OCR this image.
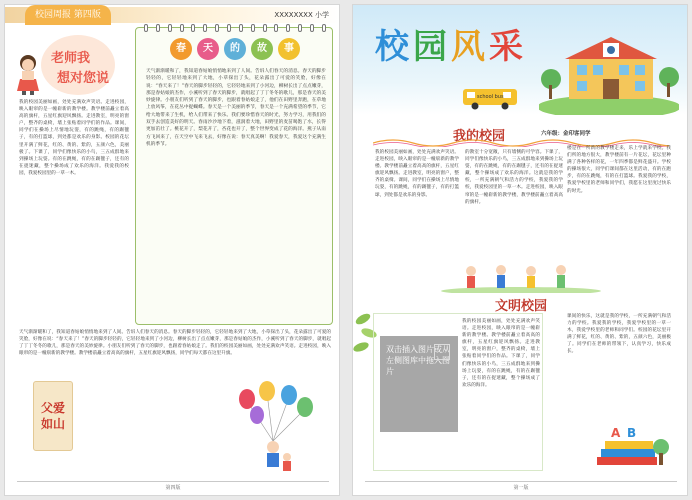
校园周报 第四版	XXXXXXXX 小学
老师我
想对您说
我的校园美丽如画，处处充满欢声笑语。走进校园，映入眼帘的是一幢崭新的教学楼。教学楼前矗立着高高的旗杆，五星红旗迎风飘扬。走进教室，明亮的窗户，整齐的桌椅，墙上张贴着同学们的作品。课间，同学们在操场上尽情地玩耍，有的跳绳，有的踢毽子，有的打篮球，到处都是欢乐的身影。校园的花坛里开满了鲜花，红的、黄的、紫的，五颜六色，美丽极了。下课了，同学们像快乐的小鸟，三五成群地来到操场上玩耍。有的在跳绳，有的在踢毽子，还有的在捉迷藏，整个操场成了欢乐的海洋。我爱我的校园，我爱校园里的一草一木。
春	天	的	故	事
天气渐渐暖和了，我知道春姑娘悄悄地来到了人间。告诉人们春天的消息。春天的脚步轻轻的，它轻轻地来到了大地，小草探出了头，花朵露出了可爱的笑脸，好像在说：“春天来了！”春天的脚步轻轻的，它轻轻地来到了小河边，柳树长出了点点嫩芽，那是春姑娘的杰作，小溪听到了春天的脚步，就唱起了丁丁冬冬的歌儿，那是春天的美妙旋律。小朋友们听到了春天的脚步，也跟着春姑娘走了，他们在田野里奔跑，在草地上放风筝，在花丛中捉蝴蝶。春天是一个美丽的季节，春天是一个充满希望的季节，它给大地带来了生机，给人们带来了快乐。我们要珍惜春天的时光，努力学习，用我们的双手去创造美好的明天。春雨沙沙地下着，滋润着大地，田野里的麦苗喝饱了水，长得更加茁壮了。桃花开了，梨花开了，杏花也开了，整个世界变成了花的海洋。燕子从南方飞回来了，在天空中飞来飞去，好像在说：春天真美啊！我爱春天，我爱这个充满生机的季节。
天气渐渐暖和了，我知道春姑娘悄悄地来到了人间。告诉人们春天的消息。春天的脚步轻轻的，它轻轻地来到了大地，小草探出了头，花朵露出了可爱的笑脸，好像在说：“春天来了！”春天的脚步轻轻的，它轻轻地来到了小河边，柳树长出了点点嫩芽，那是春姑娘的杰作，小溪听到了春天的脚步，就唱起了丁丁冬冬的歌儿，那是春天的美妙旋律。小朋友们听到了春天的脚步，也跟着春姑娘走了。我们的校园美丽如画，处处充满欢声笑语。走进校园，映入眼帘的是一幢崭新的教学楼。教学楼前矗立着高高的旗杆，五星红旗迎风飘扬，同学们每天都在这里升旗。
父爱
如山
第四版
校园风采
school bus
我的校园	六年级：金印客同学
我的校园美丽如画，处处充满欢声笑语。走进校园，映入眼帘的是一幢崭新的教学楼。教学楼前矗立着高高的旗杆，五星红旗迎风飘扬。走进教室，明亮的窗户，整齐的桌椅。课间，同学们在操场上尽情地玩耍，有的跳绳，有的踢毽子，有的打篮球，到处都是欢乐的身影。
的教室十分宽敞，只有墙侧的可学容。下课了，同学们像快乐的小鸟，三五成群地来到操场上玩耍，有的在跳绳，有的在踢毽子，还有的在捉迷藏，整个操场成了欢乐的海洋。这就是我的学校，一所充满朝气和活力的学校，我爱我的学校，我爱校园里的一草一木。走进校园，映入眼帘的是一幢崭新的教学楼，教学楼前矗立着高高的旗杆。
楼是在一所新的教学楼走来，乐上学就来学校。我们所的地方很大，教学楼前有一片花坛，花坛里种满了各种各样的花，一年四季都是鲜花盛开。学校的操场很大，同学们课间都在这里活动，有的在跑步，有的在跳绳，有的在打篮球。我爱我的学校，我爱学校里的老师和同学们，我愿在这里度过快乐的时光。
文明校园
双击插入图片或从左侧图库中拖入图片
我的校园美丽如画，处处充满欢声笑语。走进校园，映入眼帘的是一幢崭新的教学楼。教学楼前矗立着高高的旗杆，五星红旗迎风飘扬。走进教室，明亮的窗户，整齐的桌椅，墙上张贴着同学们的作品。下课了，同学们像快乐的小鸟，三五成群地来到操场上玩耍，有的在跳绳，有的在踢毽子，还有的在捉迷藏，整个操场成了欢乐的海洋。
课间的快乐，这就是我的学校，一所充满朝气和活力的学校。我爱我的学校，我爱学校里的一草一木，我爱学校里的老师和同学们。校园的花坛里开满了鲜花，红的、黄的、紫的，五颜六色，美丽极了。同学们在老师的带领下，认真学习，快乐成长。
A B
第一版
